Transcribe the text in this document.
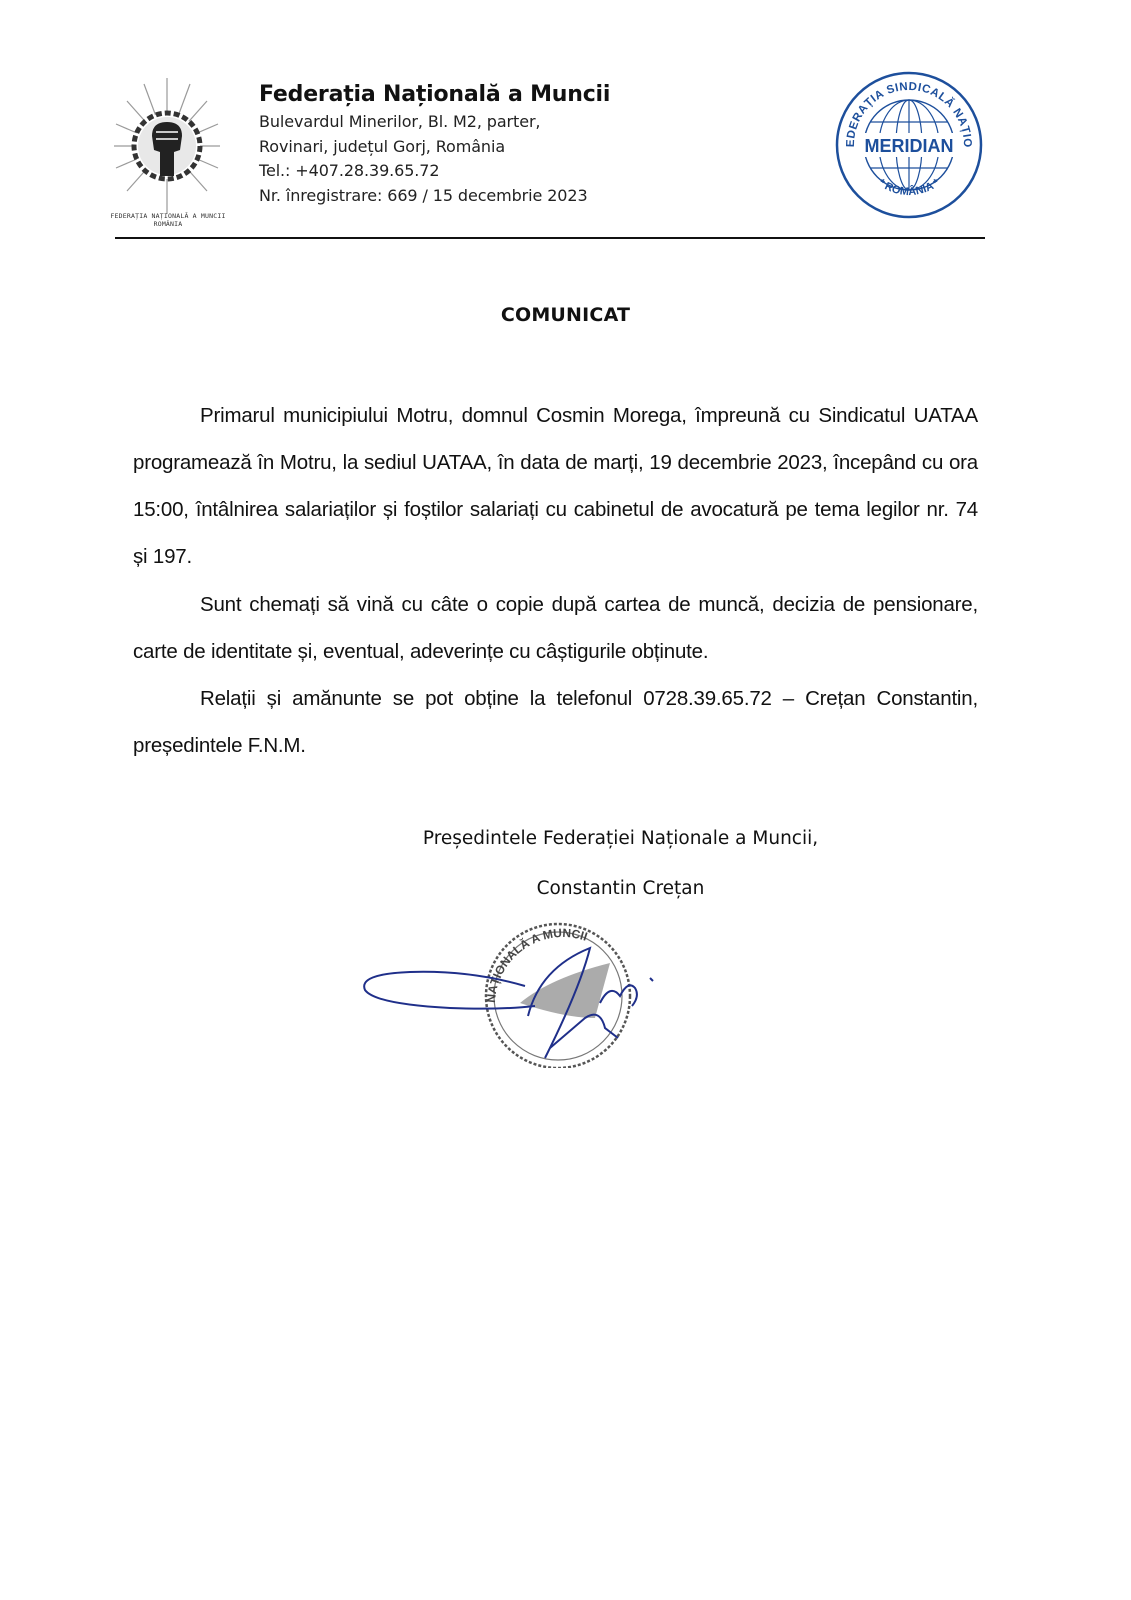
FEDERAȚIA NAȚIONALĂ A MUNCII
ROMÂNIA
Federația Națională a Muncii
Bulevardul Minerilor, Bl. M2, parter,
Rovinari, județul Gorj, România
Tel.: +407.28.39.65.72
Nr. înregistrare: 669 / 15 decembrie 2023
MERIDIAN
EDERAȚIA SINDICALĂ NAȚIO
* ROMÂNIA *
COMUNICAT
Primarul municipiului Motru, domnul Cosmin Morega, împreună cu Sindicatul UATAA programează în Motru, la sediul UATAA, în data de marți, 19 decembrie 2023, începând cu ora 15:00, întâlnirea salariaților și foștilor salariați cu cabinetul de avocatură pe tema legilor nr. 74 și 197.
Sunt chemați să vină cu câte o copie după cartea de muncă, decizia de pensionare, carte de identitate și, eventual, adeverințe cu câștigurile obținute.
Relații și amănunte se pot obține la telefonul 0728.39.65.72 – Crețan Constantin, președintele F.N.M.
Președintele Federației Naționale a Muncii,
Constantin Crețan
NAȚIONALĂ A MUNCII
